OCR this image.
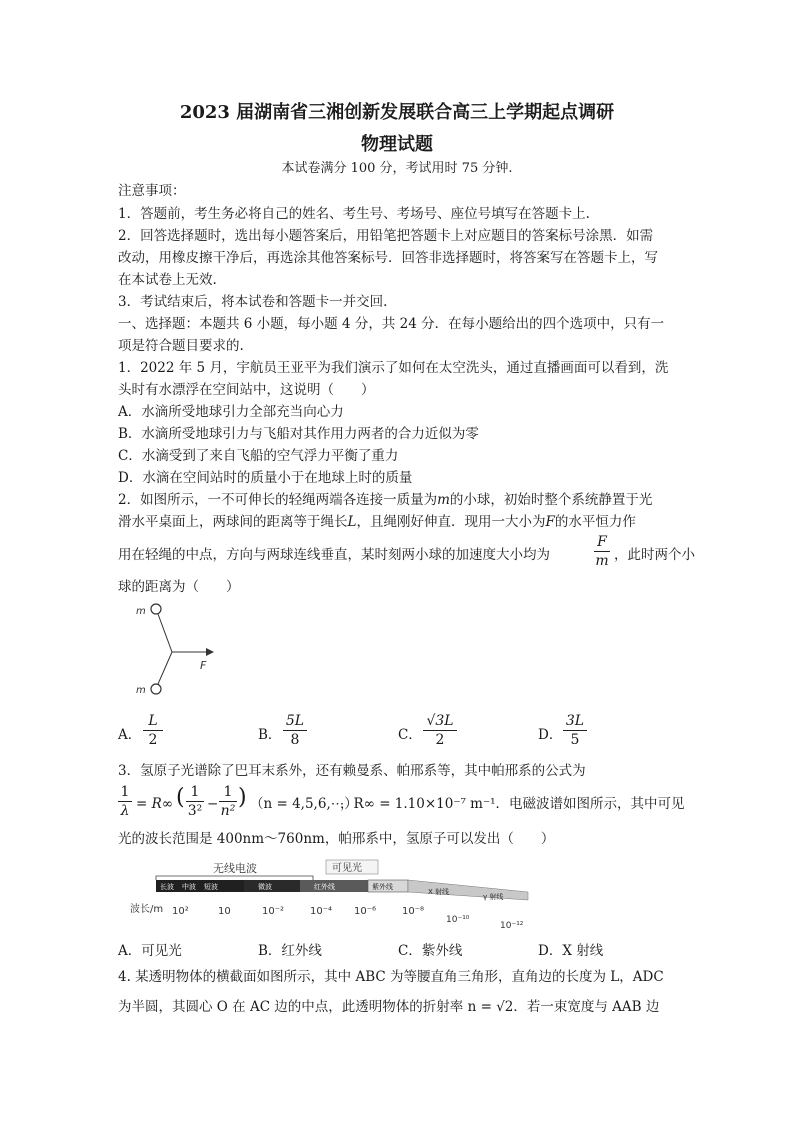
2023 届湖南省三湘创新发展联合高三上学期起点调研
物理试题
本试卷满分 100 分，考试用时 75 分钟.
注意事项：
1．答题前，考生务必将自己的姓名、考生号、考场号、座位号填写在答题卡上.
2．回答选择题时，选出每小题答案后，用铅笔把答题卡上对应题目的答案标号涂黑．如需
改动，用橡皮擦干净后，再选涂其他答案标号．回答非选择题时，将答案写在答题卡上，写
在本试卷上无效.
3．考试结束后，将本试卷和答题卡一并交回.
一、选择题：本题共 6 小题，每小题 4 分，共 24 分．在每小题给出的四个选项中，只有一
项是符合题目要求的.
1．2022 年 5 月，宇航员王亚平为我们演示了如何在太空洗头，通过直播画面可以看到，洗
头时有水漂浮在空间站中，这说明（　　）
A．水滴所受地球引力全部充当向心力
B．水滴所受地球引力与飞船对其作用力两者的合力近似为零
C．水滴受到了来自飞船的空气浮力平衡了重力
D．水滴在空间站时的质量小于在地球上时的质量
2．如图所示，一不可伸长的轻绳两端各连接一质量为m的小球，初始时整个系统静置于光
滑水平桌面上，两球间的距离等于绳长L，且绳刚好伸直．现用一大小为F的水平恒力作
用在轻绳的中点，方向与两球连线垂直，某时刻两小球的加速度大小均为
F
m ，此时两个小
球的距离为（　　）
m
m
F
A．
L
2	B．
5L
8	C．
√3L
2	D．
3L
5
3．氢原子光谱除了巴耳末系外，还有赖曼系、帕邢系等，其中帕邢系的公式为
1
λ = R∞ ( 1
3² −
1
n²
) （n = 4,5,6,⋯）
，R∞ = 1.10×10⁻⁷ m⁻¹．电磁波谱如图所示，其中可见
光的波长范围是 400nm～760nm，帕邢系中，氢原子可以发出（　　）
无线电波	可见光
长波 中波 短波	微波	红外线	紫外线
X 射线
γ 射线
波长/m 10²	10	10⁻²	10⁻⁴ 10⁻⁶	10⁻⁸
10⁻¹⁰
10⁻¹²
A．可见光	B．红外线	C．紫外线	D．X 射线
4. 某透明物体的横截面如图所示，其中 ABC 为等腰直角三角形，直角边的长度为 L，ADC
为半圆，其圆心 O 在 AC 边的中点，此透明物体的折射率 n = √2．若一束宽度与 AAB 边
